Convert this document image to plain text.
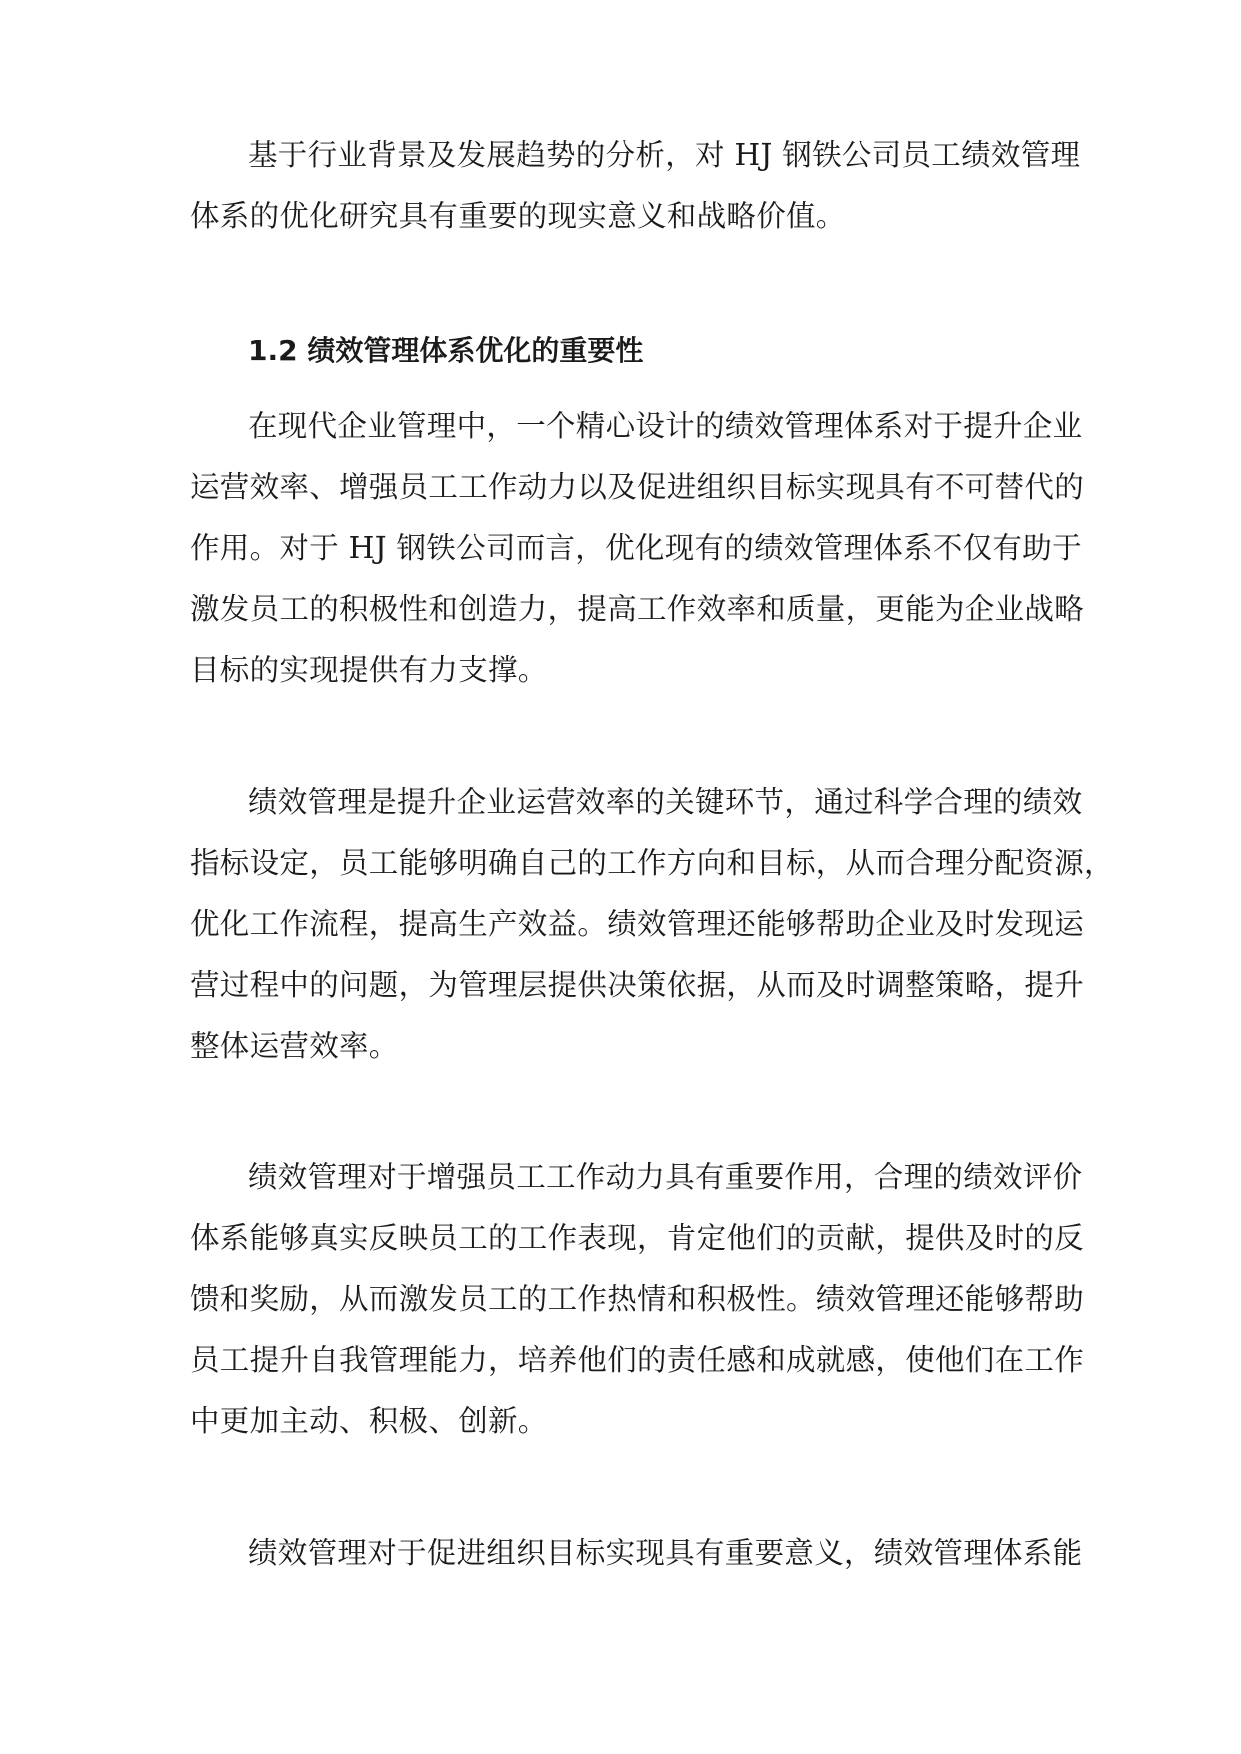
基于行业背景及发展趋势的分析，对 HJ 钢铁公司员工绩效管理

体系的优化研究具有重要的现实意义和战略价值。

1.2 绩效管理体系优化的重要性

在现代企业管理中，一个精心设计的绩效管理体系对于提升企业

运营效率、增强员工工作动力以及促进组织目标实现具有不可替代的

作用。对于 HJ 钢铁公司而言，优化现有的绩效管理体系不仅有助于

激发员工的积极性和创造力，提高工作效率和质量，更能为企业战略

目标的实现提供有力支撑。

绩效管理是提升企业运营效率的关键环节，通过科学合理的绩效

指标设定，员工能够明确自己的工作方向和目标，从而合理分配资源，

优化工作流程，提高生产效益。绩效管理还能够帮助企业及时发现运

营过程中的问题，为管理层提供决策依据，从而及时调整策略，提升

整体运营效率。

绩效管理对于增强员工工作动力具有重要作用，合理的绩效评价

体系能够真实反映员工的工作表现，肯定他们的贡献，提供及时的反

馈和奖励，从而激发员工的工作热情和积极性。绩效管理还能够帮助

员工提升自我管理能力，培养他们的责任感和成就感，使他们在工作

中更加主动、积极、创新。

绩效管理对于促进组织目标实现具有重要意义，绩效管理体系能
